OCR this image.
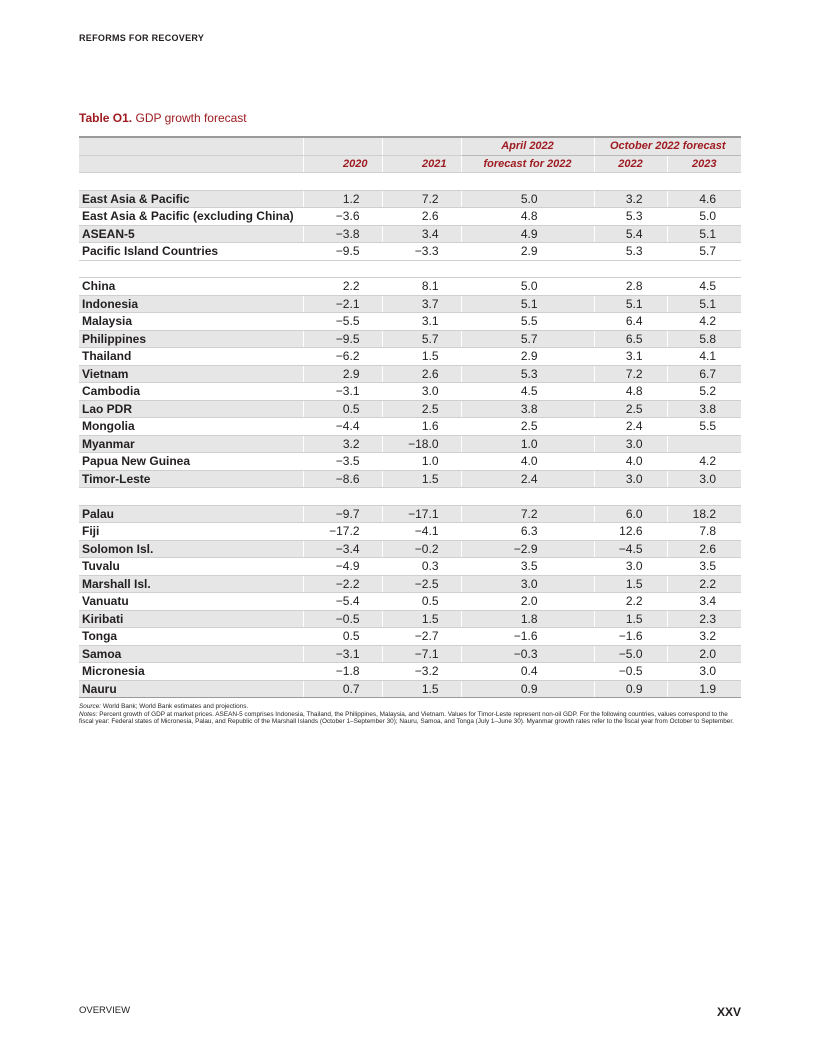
REFORMS FOR RECOVERY
Table O1. GDP growth forecast
			April 2022	October 2022 forecast	
	2020	2021	forecast for 2022	2022	2023

East Asia & Pacific	1.2	7.2	5.0	3.2	4.6
East Asia & Pacific (excluding China)	−3.6	2.6	4.8	5.3	5.0
ASEAN-5	−3.8	3.4	4.9	5.4	5.1
Pacific Island Countries	−9.5	−3.3	2.9	5.3	5.7

China	2.2	8.1	5.0	2.8	4.5
Indonesia	−2.1	3.7	5.1	5.1	5.1
Malaysia	−5.5	3.1	5.5	6.4	4.2
Philippines	−9.5	5.7	5.7	6.5	5.8
Thailand	−6.2	1.5	2.9	3.1	4.1
Vietnam	2.9	2.6	5.3	7.2	6.7
Cambodia	−3.1	3.0	4.5	4.8	5.2
Lao PDR	0.5	2.5	3.8	2.5	3.8
Mongolia	−4.4	1.6	2.5	2.4	5.5
Myanmar	3.2	−18.0	1.0	3.0	
Papua New Guinea	−3.5	1.0	4.0	4.0	4.2
Timor-Leste	−8.6	1.5	2.4	3.0	3.0

Palau	−9.7	−17.1	7.2	6.0	18.2
Fiji	−17.2	−4.1	6.3	12.6	7.8
Solomon Isl.	−3.4	−0.2	−2.9	−4.5	2.6
Tuvalu	−4.9	0.3	3.5	3.0	3.5
Marshall Isl.	−2.2	−2.5	3.0	1.5	2.2
Vanuatu	−5.4	0.5	2.0	2.2	3.4
Kiribati	−0.5	1.5	1.8	1.5	2.3
Tonga	0.5	−2.7	−1.6	−1.6	3.2
Samoa	−3.1	−7.1	−0.3	−5.0	2.0
Micronesia	−1.8	−3.2	0.4	−0.5	3.0
Nauru	0.7	1.5	0.9	0.9	1.9
Source: World Bank; World Bank estimates and projections.
Notes: Percent growth of GDP at market prices. ASEAN-5 comprises Indonesia, Thailand, the Philippines, Malaysia, and Vietnam. Values for Timor-Leste represent non-oil GDP. For the following countries, values correspond to the fiscal year: Federal states of Micronesia, Palau, and Republic of the Marshall Islands (October 1–September 30); Nauru, Samoa, and Tonga (July 1–June 30). Myanmar growth rates refer to the fiscal year from October to September.
OVERVIEW	XXV
